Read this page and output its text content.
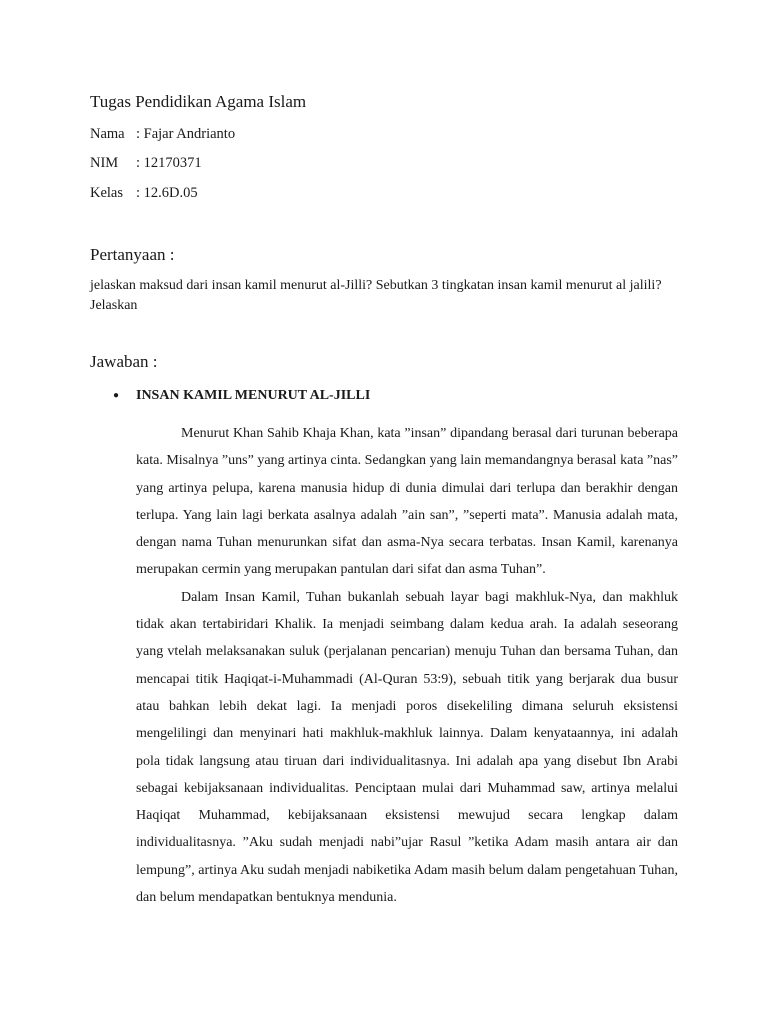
Tugas Pendidikan Agama Islam
Nama : Fajar Andrianto
NIM : 12170371
Kelas : 12.6D.05
Pertanyaan :
jelaskan maksud dari insan kamil menurut al-Jilli? Sebutkan 3 tingkatan insan kamil menurut al jalili? Jelaskan
Jawaban :
● INSAN KAMIL MENURUT AL-JILLI

Menurut Khan Sahib Khaja Khan, kata ”insan” dipandang berasal dari turunan beberapa kata. Misalnya ”uns” yang artinya cinta. Sedangkan yang lain memandangnya berasal kata ”nas” yang artinya pelupa, karena manusia hidup di dunia dimulai dari terlupa dan berakhir dengan terlupa. Yang lain lagi berkata asalnya adalah ”ain san”, ”seperti mata”. Manusia adalah mata, dengan nama Tuhan menurunkan sifat dan asma-Nya secara terbatas. Insan Kamil, karenanya merupakan cermin yang merupakan pantulan dari sifat dan asma Tuhan”.

Dalam Insan Kamil, Tuhan bukanlah sebuah layar bagi makhluk-Nya, dan makhluk tidak akan tertabiridari Khalik. Ia menjadi seimbang dalam kedua arah. Ia adalah seseorang yang vtelah melaksanakan suluk (perjalanan pencarian) menuju Tuhan dan bersama Tuhan, dan mencapai titik Haqiqat-i-Muhammadi (Al-Quran 53:9), sebuah titik yang berjarak dua busur atau bahkan lebih dekat lagi. Ia menjadi poros disekeliling dimana seluruh eksistensi mengelilingi dan menyinari hati makhluk-makhluk lainnya. Dalam kenyataannya, ini adalah pola tidak langsung atau tiruan dari individualitasnya. Ini adalah apa yang disebut Ibn Arabi sebagai kebijaksanaan individualitas. Penciptaan mulai dari Muhammad saw, artinya melalui Haqiqat Muhammad, kebijaksanaan eksistensi mewujud secara lengkap dalam individualitasnya. ”Aku sudah menjadi nabi”ujar Rasul ”ketika Adam masih antara air dan lempung”, artinya Aku sudah menjadi nabiketika Adam masih belum dalam pengetahuan Tuhan, dan belum mendapatkan bentuknya mendunia.
